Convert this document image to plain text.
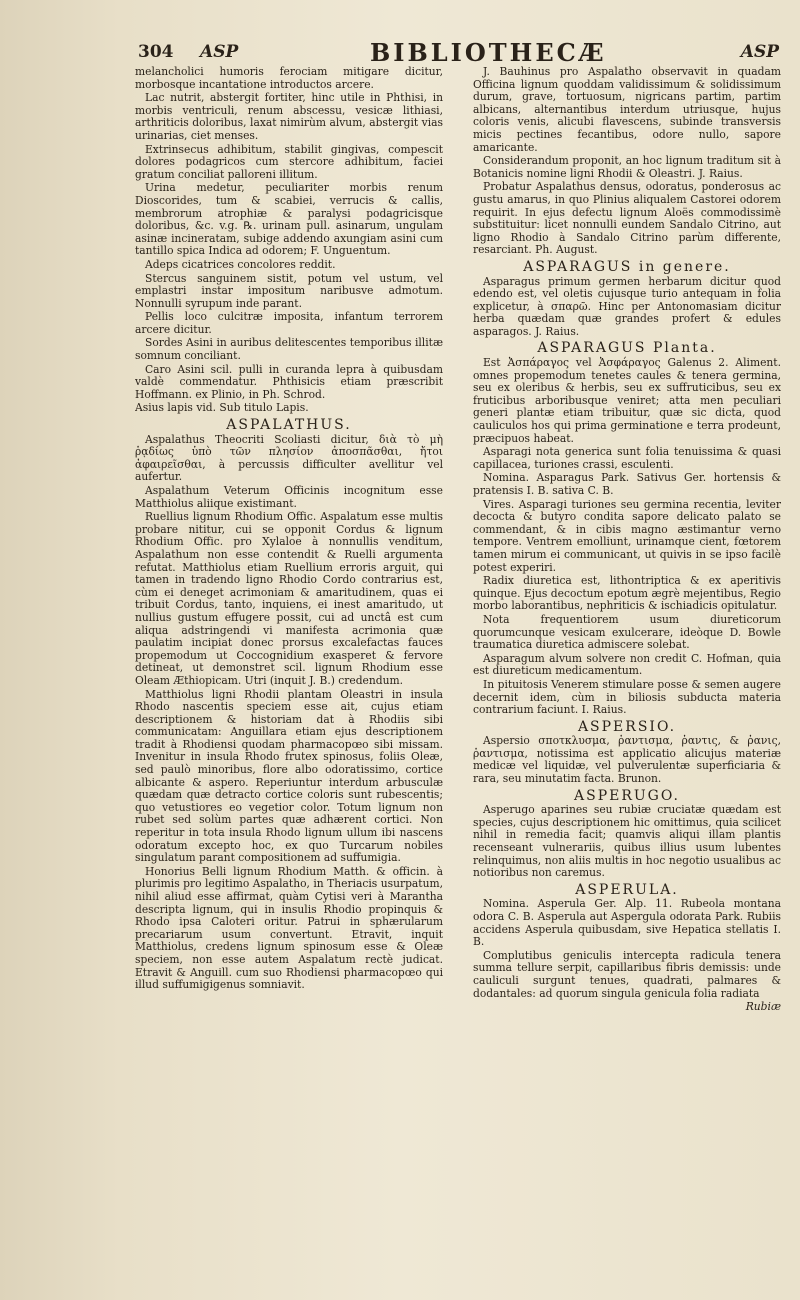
304 ASP	BIBLIOTHECÆ	ASP

melancholici humoris ferociam mitigare dicitur, morbosque incantatione introductos arcere.

Lac nutrit, abstergit fortiter, hinc utile in Phthisi, in morbis ventriculi, renum abscessu, vesicæ lithiasi, arthriticis doloribus, laxat nimirùm alvum, abstergit vias urinarias, ciet menses.

Extrinsecus adhibitum, stabilit gingivas, compescit dolores podagricos cum stercore adhibitum, faciei gratum conciliat palloreni illitum.

Urina medetur, peculiariter morbis renum Dioscorides, tum & scabiei, verrucis & callis, membrorum atrophiæ & paralysi podagricisque doloribus, &c. v.g. ℞. urinam pull. asinarum, ungulam asinæ incineratam, subige addendo axungiam asini cum tantillo spica Indica ad odorem; F. Unguentum.

Adeps cicatrices concolores reddit.

Stercus sanguinem sistit, potum vel ustum, vel emplastri instar impositum naribusve admotum. Nonnulli syrupum inde parant.

Pellis loco culcitræ imposita, infantum terrorem arcere dicitur.

Sordes Asini in auribus delitescentes temporibus illitæ somnum conciliant.

Caro Asini scil. pulli in curanda lepra à quibusdam valdè commendatur. Phthisicis etiam præscribit Hoffmann. ex Plinio, in Ph. Schrod.

Asius lapis vid. Sub titulo Lapis.

ASPALATHUS.

Aspalathus Theocriti Scoliasti dicitur, διὰ τὸ μὴ ῥᾳδίως ὑπὸ τῶν πλησίον ἀποσπᾶσθαι, ἤτοι ἀφαιρεῖσθαι, à percussis difficulter avellitur vel aufertur.

Aspalathum Veterum Officinis incognitum esse Matthiolus aliique existimant.

Ruellius lignum Rhodium Offic. Aspalatum esse multis probare nititur, cui se opponit Cordus & lignum Rhodium Offic. pro Xylaloe à nonnullis venditum, Aspalathum non esse contendit & Ruelli argumenta refutat. Matthiolus etiam Ruellium erroris arguit, qui tamen in tradendo ligno Rhodio Cordo contrarius est, cùm ei deneget acrimoniam & amaritudinem, quas ei tribuit Cordus, tanto, inquiens, ei inest amaritudo, ut nullius gustum effugere possit, cui ad unctâ est cum aliqua adstringendi vi manifesta acrimonia quæ paulatim incipiat donec prorsus excalefactas fauces propemodum ut Coccognidium exasperet & fervore detineat, ut demonstret scil. lignum Rhodium esse Oleam Æthiopicam. Utri (inquit J. B.) credendum.

Matthiolus ligni Rhodii plantam Oleastri in insula Rhodo nascentis speciem esse ait, cujus etiam descriptionem & historiam dat à Rhodiis sibi communicatam: Anguillara etiam ejus descriptionem tradit à Rhodiensi quodam pharmacopœo sibi missam. Invenitur in insula Rhodo frutex spinosus, foliis Oleæ, sed paulò minoribus, flore albo odoratissimo, cortice albicante & aspero. Reperiuntur interdum arbusculæ quædam quæ detracto cortice coloris sunt rubescentis; quo vetustiores eo vegetior color. Totum lignum non rubet sed solùm partes quæ adhærent cortici. Non reperitur in tota insula Rhodo lignum ullum ibi nascens odoratum excepto hoc, ex quo Turcarum nobiles singulatum parant compositionem ad suffumigia.

Honorius Belli lignum Rhodium Matth. & officin. à plurimis pro legitimo Aspalatho, in Theriacis usurpatum, nihil aliud esse affirmat, quàm Cytisi veri à Marantha descripta lignum, qui in insulis Rhodio propinquis & Rhodo ipsa Caloteri oritur. Patrui in sphærularum precariarum usum convertunt. Etravit, inquit Matthiolus, credens lignum spinosum esse & Oleæ speciem, non esse autem Aspalatum rectè judicat. Etravit & Anguill. cum suo Rhodiensi pharmacopœo qui illud suffumigigenus somniavit.

J. Bauhinus pro Aspalatho observavit in quadam Officina lignum quoddam validissimum & solidissimum durum, grave, tortuosum, nigricans partim, partim albicans, alternantibus interdum utriusque, hujus coloris venis, alicubi flavescens, subinde transversis micis pectines fecantibus, odore nullo, sapore amaricante.

Considerandum proponit, an hoc lignum traditum sit à Botanicis nomine ligni Rhodii & Oleastri. J. Raius.

Probatur Aspalathus densus, odoratus, ponderosus ac gustu amarus, in quo Plinius aliqualem Castorei odorem requirit. In ejus defectu lignum Aloës commodissimè substituitur: licet nonnulli eundem Sandalo Citrino, aut ligno Rhodio à Sandalo Citrino parùm differente, resarciant. Ph. August.

ASPARAGUS in genere.

Asparagus primum germen herbarum dicitur quod edendo est, vel oletis cujusque turio antequam in folia explicetur, à σπαρῶ. Hinc per Antonomasiam dicitur herba quædam quæ grandes profert & edules asparagos. J. Raius.

ASPARAGUS Planta.

Est Ἀσπάραγος vel Ἀσφάραγος Galenus 2. Aliment. omnes propemodum tenetes caules & tenera germina, seu ex oleribus & herbis, seu ex suffruticibus, seu ex fruticibus arboribusque veniret; atta men peculiari generi plantæ etiam tribuitur, quæ sic dicta, quod cauliculos hos qui prima germinatione e terra prodeunt, præcipuos habeat.

Asparagi nota generica sunt folia tenuissima & quasi capillacea, turiones crassi, esculenti.

Nomina. Asparagus Park. Sativus Ger. hortensis & pratensis I. B. sativa C. B.

Vires. Asparagi turiones seu germina recentia, leviter decocta & butyro condita sapore delicato palato se commendant, & in cibis magno æstimantur verno tempore. Ventrem emolliunt, urinamque cient, fœtorem tamen mirum ei communicant, ut quivis in se ipso facilè potest experiri.

Radix diuretica est, lithontriptica & ex aperitivis quinque. Ejus decoctum epotum ægrè mejentibus, Regio morbo laborantibus, nephriticis & ischiadicis opitulatur.

Nota frequentiorem usum diureticorum quorumcunque vesicam exulcerare, ideòque D. Bowle traumatica diuretica admiscere solebat.

Asparagum alvum solvere non credit C. Hofman, quia est diureticum medicamentum.

In pituitosis Venerem stimulare posse & semen augere decernit idem, cùm in biliosis subducta materia contrarium faciunt. I. Raius.

ASPERSIO.

Aspersio σποτκλυσμα, ῥαντισμα, ῥαντις, & ῥανις, ῥαντισμα, notissima est applicatio alicujus materiæ medicæ vel liquidæ, vel pulverulentæ superficiaria & rara, seu minutatim facta. Brunon.

ASPERUGO.

Asperugo aparines seu rubiæ cruciatæ quædam est species, cujus descriptionem hic omittimus, quia scilicet nihil in remedia facit; quamvis aliqui illam plantis recenseant vulnerariis, quibus illius usum lubentes relinquimus, non aliis multis in hoc negotio usualibus ac notioribus non caremus.

ASPERULA.

Nomina. Asperula Ger. Alp. 11. Rubeola montana odora C. B. Asperula aut Aspergula odorata Park. Rubiis accidens Asperula quibusdam, sive Hepatica stellatis I. B.

Complutibus geniculis intercepta radicula tenera summa tellure serpit, capillaribus fibris demissis: unde cauliculi surgunt tenues, quadrati, palmares & dodantales: ad quorum singula genicula folia radiata

Rubiæ
